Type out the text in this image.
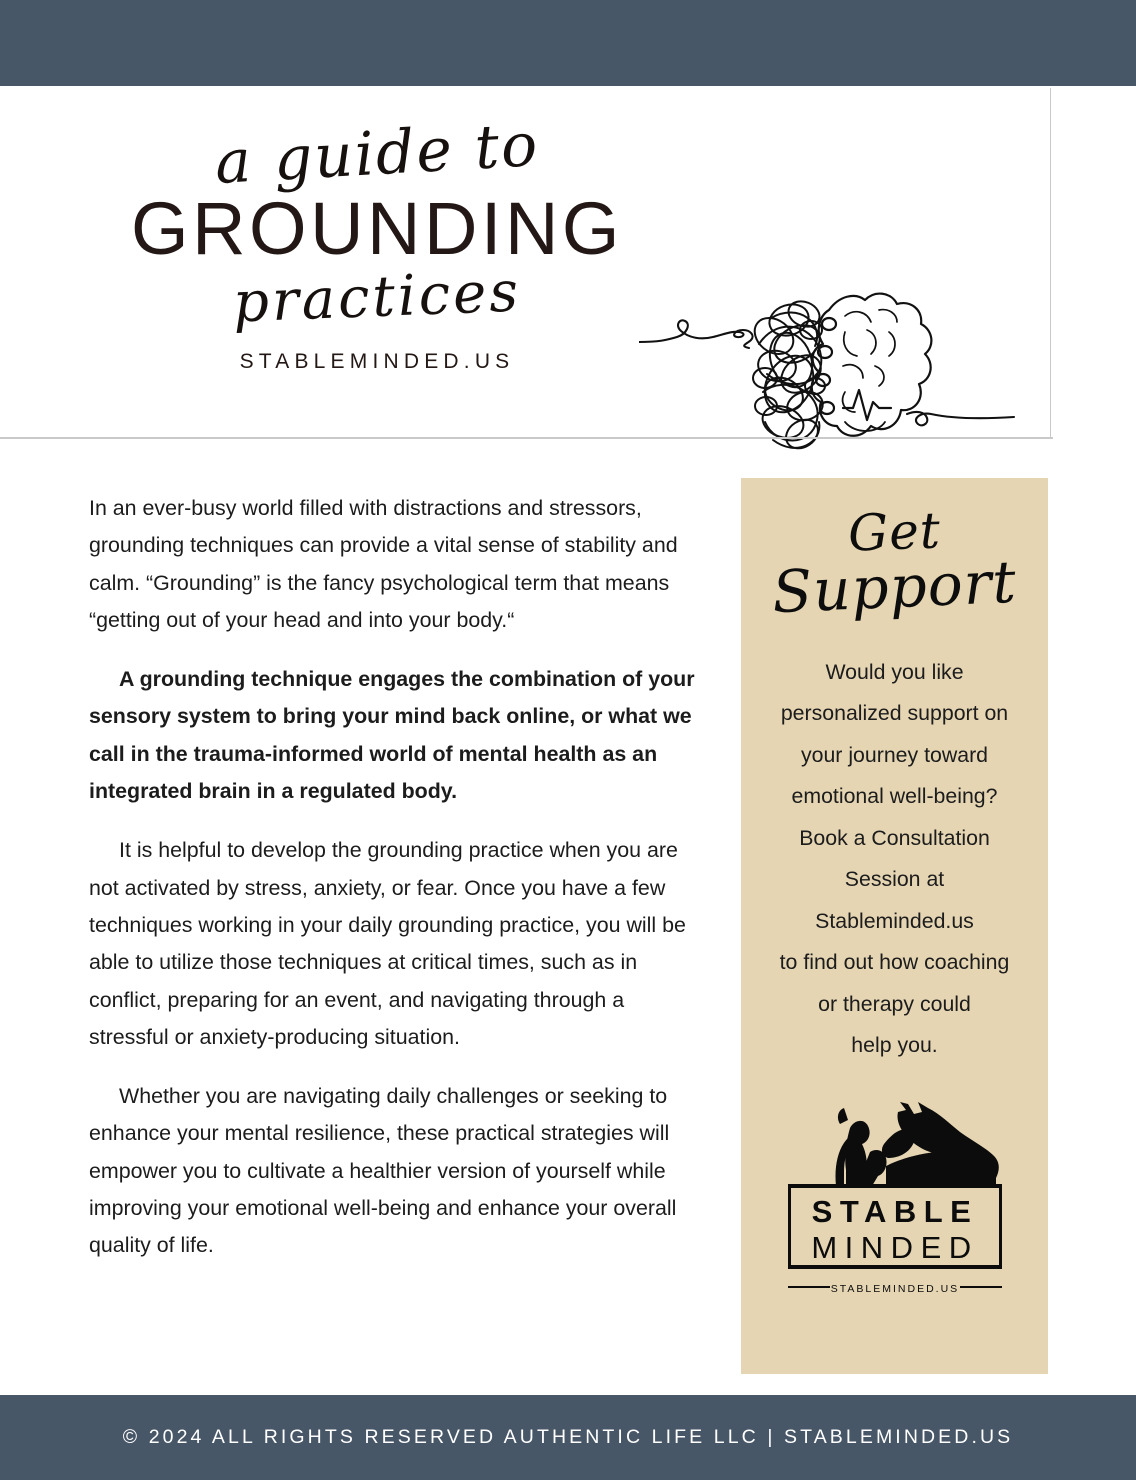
a guide to
GROUNDING
practices
STABLEMINDED.US

In an ever-busy world filled with distractions and stressors, grounding techniques can provide a vital sense of stability and calm. “Grounding” is the fancy psychological term that means “getting out of your head and into your body.“

A grounding technique engages the combination of your sensory system to bring your mind back online, or what we call in the trauma-informed world of mental health as an integrated brain in a regulated body.

It is helpful to develop the grounding practice when you are not activated by stress, anxiety, or fear. Once you have a few techniques working in your daily grounding practice, you will be able to utilize those techniques at critical times, such as in conflict, preparing for an event, and navigating through a stressful or anxiety-producing situation.

Whether you are navigating daily challenges or seeking to enhance your mental resilience, these practical strategies will empower you to cultivate a healthier version of yourself while improving your emotional well-being and enhance your overall quality of life.

Get
Support
Would you like
personalized support on
your journey toward
emotional well-being?
Book a Consultation
Session at
Stableminded.us
to find out how coaching
or therapy could
help you.
STABLE
MINDED
STABLEMINDED.US
© 2024 ALL RIGHTS RESERVED AUTHENTIC LIFE LLC | STABLEMINDED.US
